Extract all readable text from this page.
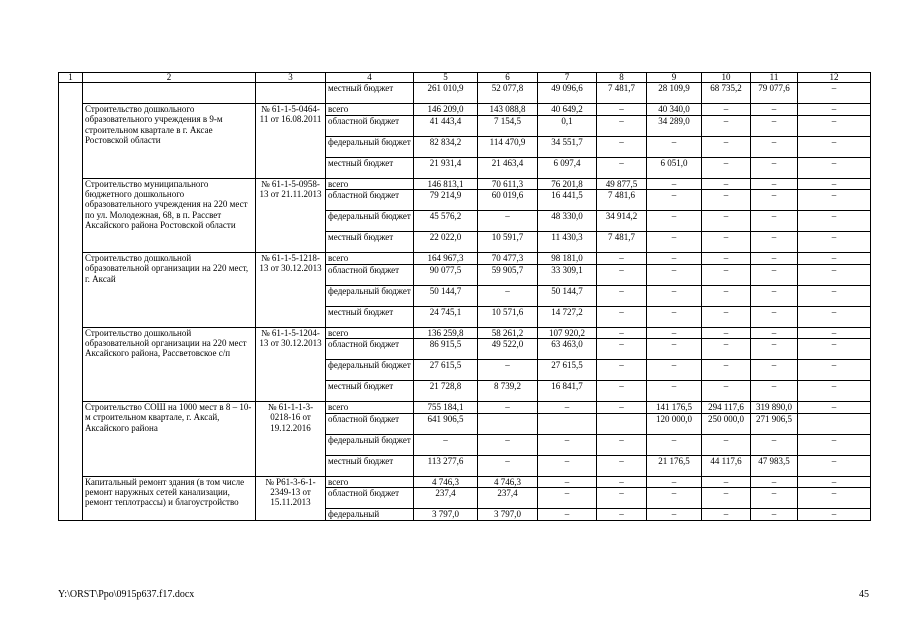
1	2	3	4	5	6	7	8	9	10	11	12
			местный бюджет	261 010,9	52 077,8	49 096,6	7 481,7	28 109,9	68 735,2	79 077,6	–
	Строительство дошкольного образовательного учреждения в 9-м строительном квартале в г. Аксае Ростовской области	№ 61-1-5-0464-11 от 16.08.2011	всего	146 209,0	143 088,8	40 649,2	–	40 340,0	–	–	–
			областной бюджет	41 443,4	7 154,5	0,1	–	34 289,0	–	–	–
			федеральный бюджет	82 834,2	114 470,9	34 551,7	–	–	–	–	–
			местный бюджет	21 931,4	21 463,4	6 097,4	–	6 051,0	–	–	–
	Строительство муниципального бюджетного дошкольного образовательного учреждения на 220 мест по ул. Молодежная, 68, в п. Рассвет Аксайского района Ростовской области	№ 61-1-5-0958-13 от 21.11.2013	всего	146 813,1	70 611,3	76 201,8	49 877,5	–	–	–	–
			областной бюджет	79 214,9	60 019,6	16 441,5	7 481,6	–	–	–	–
			федеральный бюджет	45 576,2	–	48 330,0	34 914,2	–	–	–	–
			местный бюджет	22 022,0	10 591,7	11 430,3	7 481,7	–	–	–	–
	Строительство дошкольной образовательной организации на 220 мест, г. Аксай	№ 61-1-5-1218-13 от 30.12.2013	всего	164 967,3	70 477,3	98 181,0	–	–	–	–	–
			областной бюджет	90 077,5	59 905,7	33 309,1	–	–	–	–	–
			федеральный бюджет	50 144,7	–	50 144,7	–	–	–	–	–
			местный бюджет	24 745,1	10 571,6	14 727,2	–	–	–	–	–
	Строительство дошкольной образовательной организации на 220 мест Аксайского района, Рассветовское с/п	№ 61-1-5-1204-13 от 30.12.2013	всего	136 259,8	58 261,2	107 920,2	–	–	–	–	–
			областной бюджет	86 915,5	49 522,0	63 463,0	–	–	–	–	–
			федеральный бюджет	27 615,5	–	27 615,5	–	–	–	–	–
			местный бюджет	21 728,8	8 739,2	16 841,7	–	–	–	–	–
	Строительство СОШ на 1000 мест в 8 – 10-м строительном квартале, г. Аксай, Аксайского района	№ 61-1-1-3-0218-16 от 19.12.2016	всего	755 184,1	–	–	–	141 176,5	294 117,6	319 890,0	–
			областной бюджет	641 906,5				120 000,0	250 000,0	271 906,5	
			федеральный бюджет	–	–	–	–	–	–	–	–
			местный бюджет	113 277,6	–	–	–	21 176,5	44 117,6	47 983,5	–
	Капитальный ремонт здания (в том числе ремонт наружных сетей канализации, ремонт теплотрассы) и благоустройство	№ Р61-3-6-1-2349-13 от 15.11.2013	всего	4 746,3	4 746,3	–	–	–	–	–	–
			областной бюджет	237,4	237,4	–	–	–	–	–	–
			федеральный	3 797,0	3 797,0	–	–	–	–	–	–
Y:\ORST\Ppo\0915p637.f17.docx	45
